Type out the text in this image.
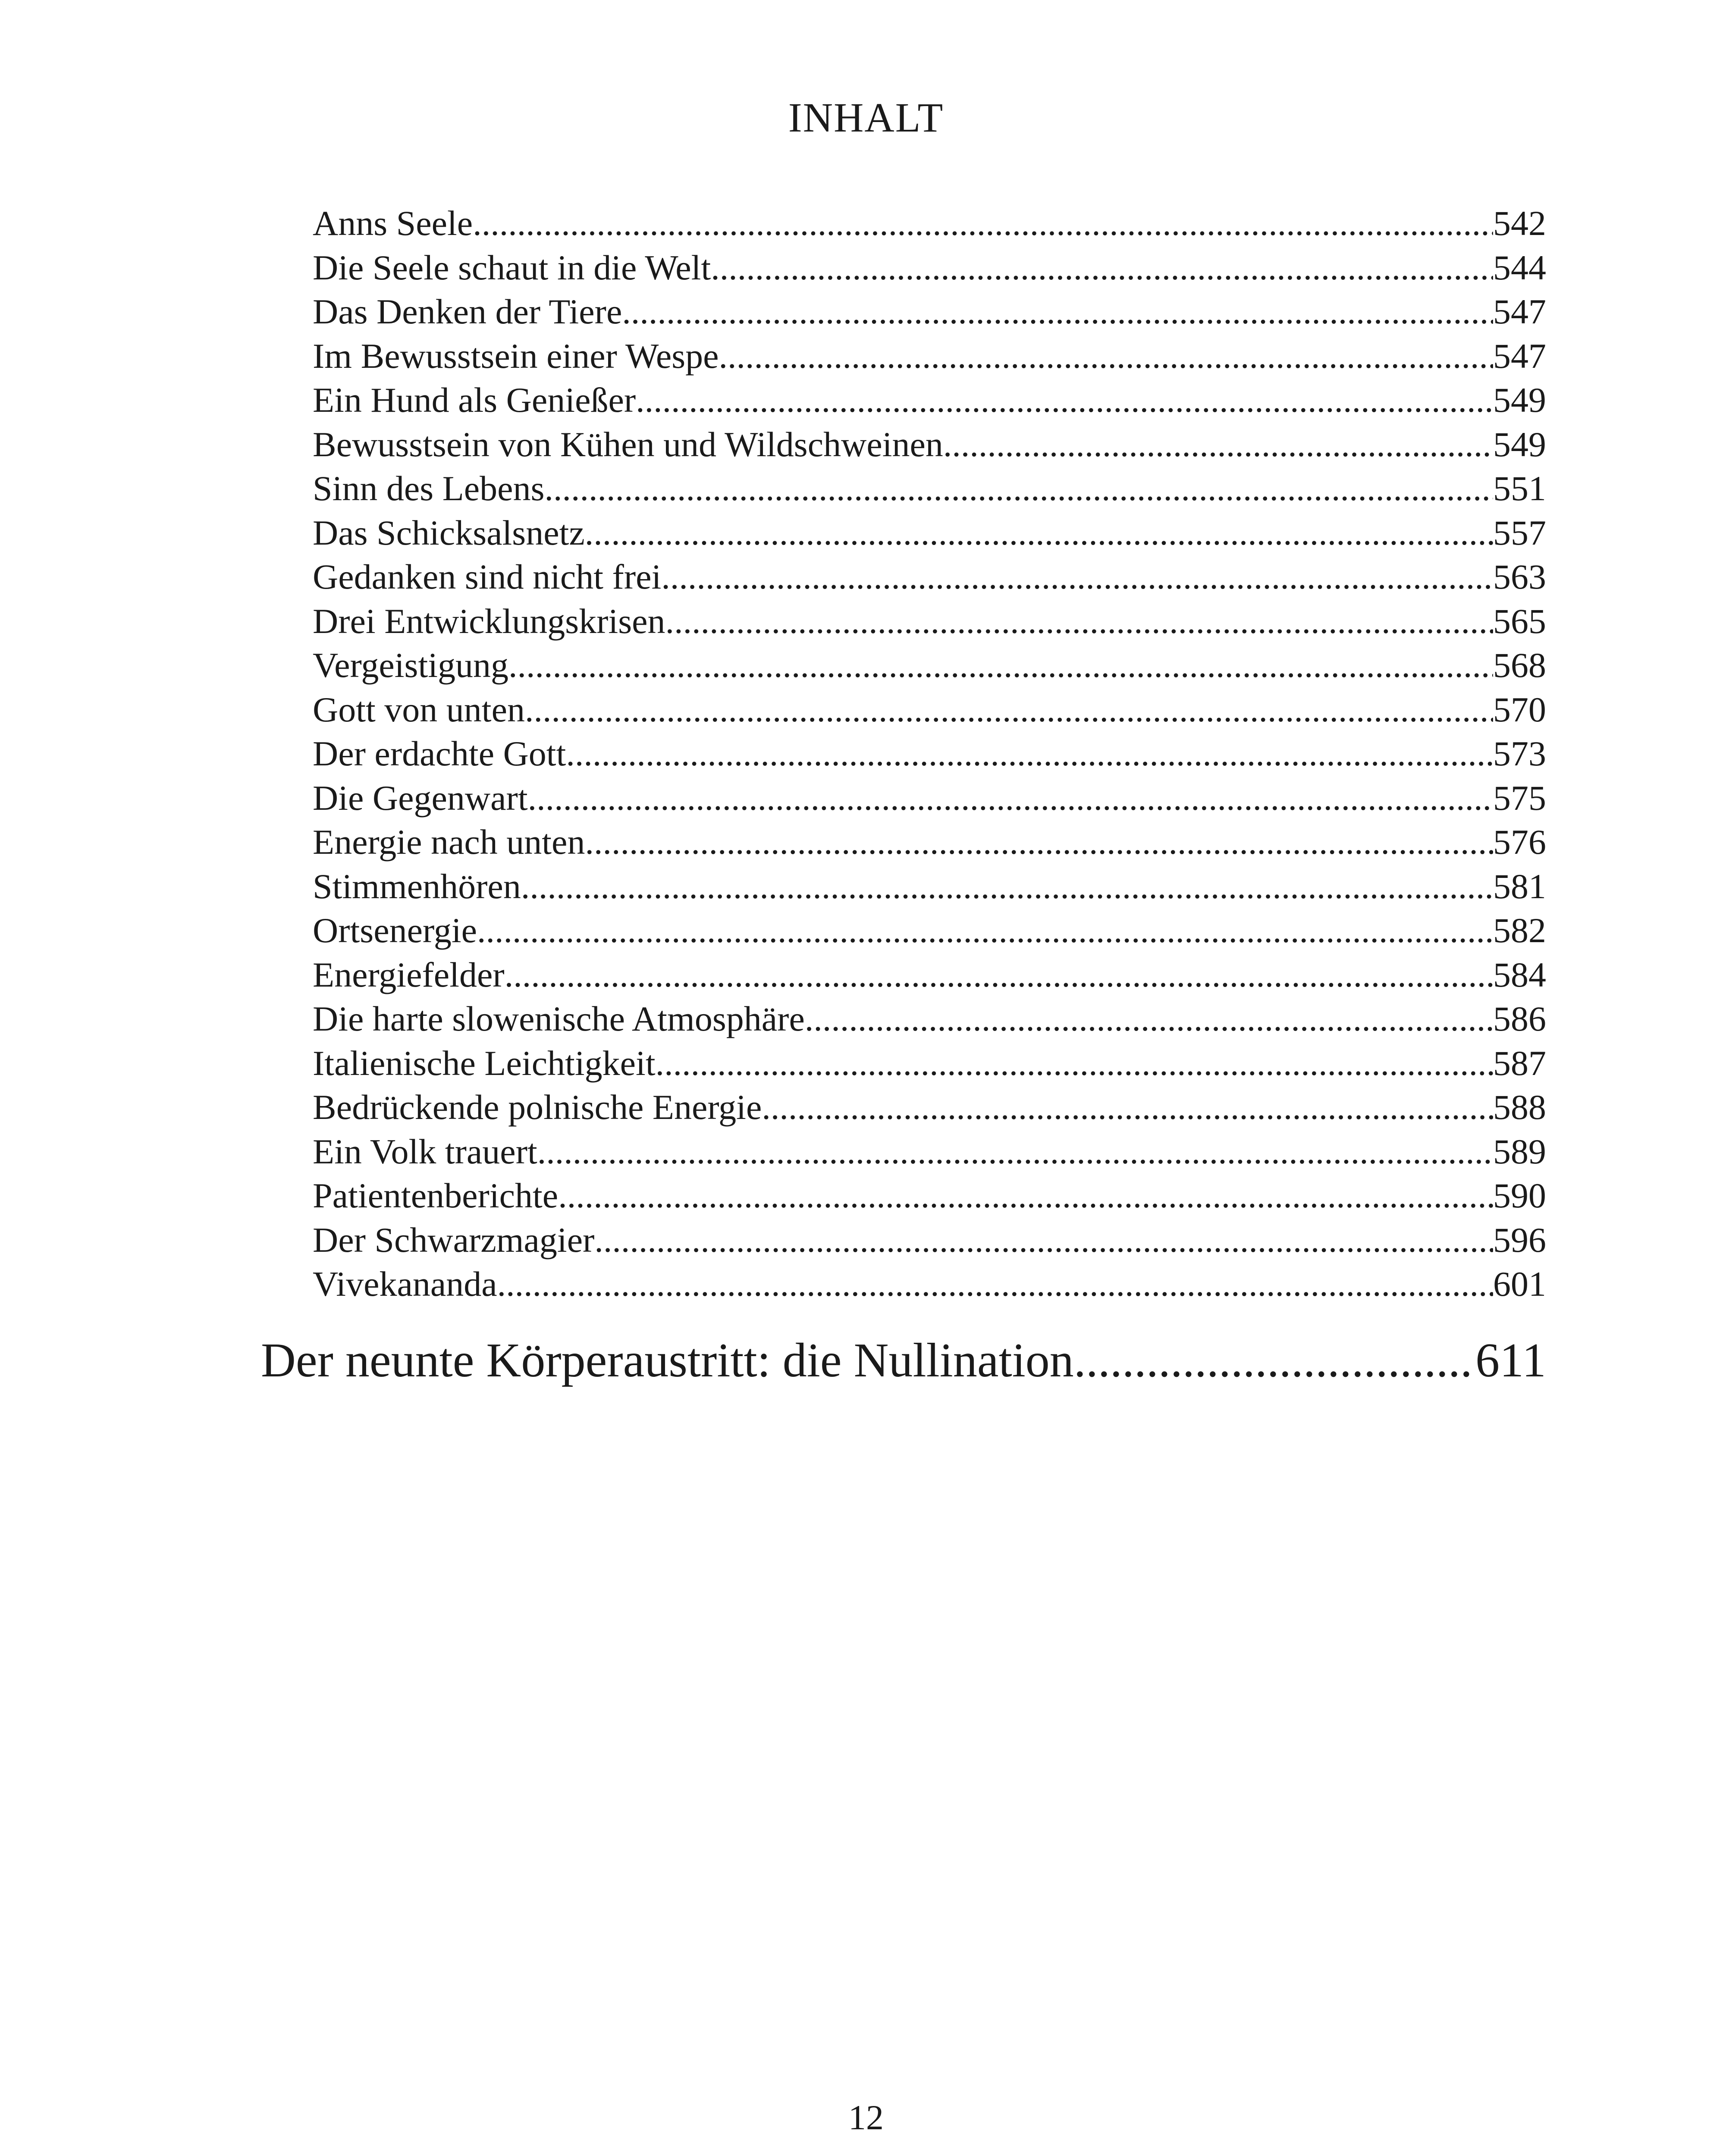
INHALT
Anns Seele .....	542
Die Seele schaut in die Welt .....	544
Das Denken der Tiere .....	547
Im Bewusstsein einer Wespe .....	547
Ein Hund als Genießer .....	549
Bewusstsein von Kühen und Wildschweinen .....	549
Sinn des Lebens .....	551
Das Schicksalsnetz .....	557
Gedanken sind nicht frei .....	563
Drei Entwicklungskrisen .....	565
Vergeistigung .....	568
Gott von unten .....	570
Der erdachte Gott .....	573
Die Gegenwart .....	575
Energie nach unten .....	576
Stimmenhören .....	581
Ortsenergie .....	582
Energiefelder .....	584
Die harte slowenische Atmosphäre .....	586
Italienische Leichtigkeit .....	587
Bedrückende polnische Energie .....	588
Ein Volk trauert .....	589
Patientenberichte .....	590
Der Schwarzmagier .....	596
Vivekananda .....	601
Der neunte Körperaustritt: die Nullination .....	611
12
